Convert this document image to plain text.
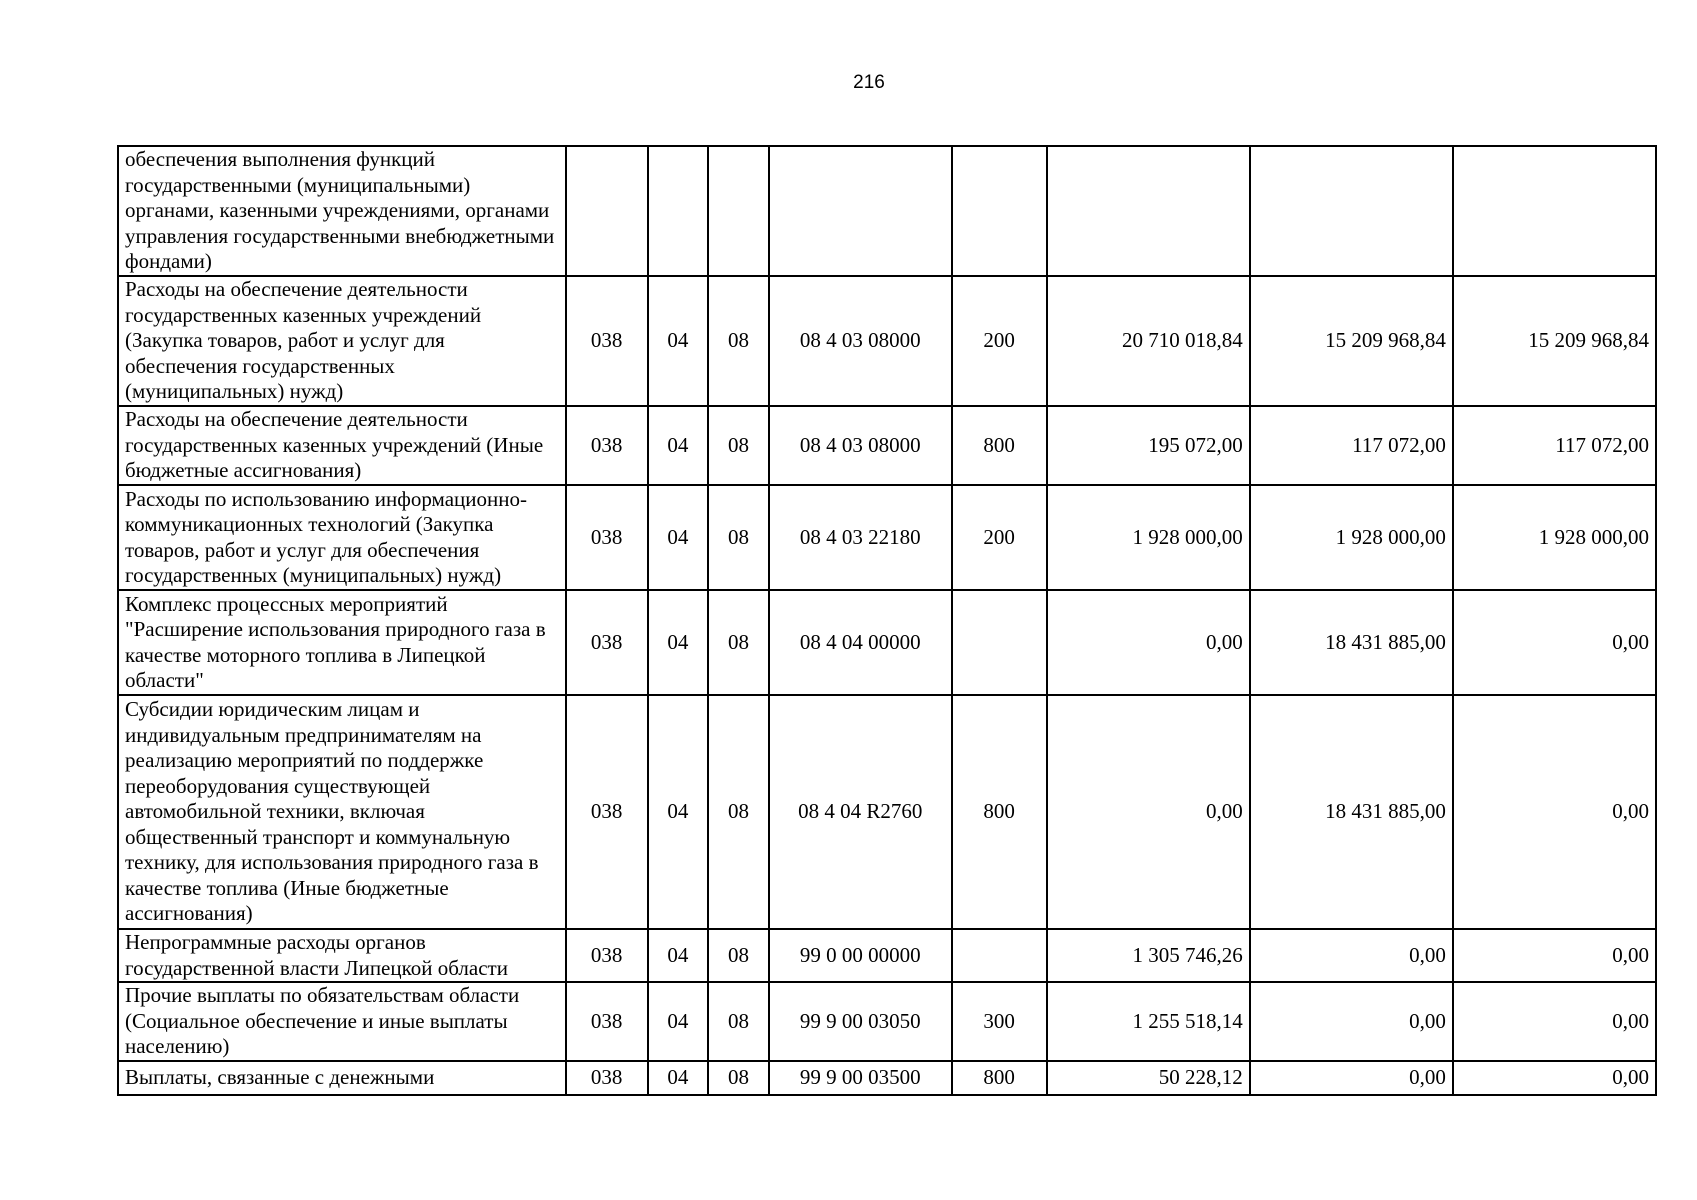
216
обеспечения выполнения функций государственными (муниципальными) органами, казенными учреждениями, органами управления государственными внебюджетными фондами)								
Расходы на обеспечение деятельности государственных казенных учреждений (Закупка товаров, работ и услуг для обеспечения государственных (муниципальных) нужд)	038	04	08	08 4 03 08000	200	20 710 018,84	15 209 968,84	15 209 968,84
Расходы на обеспечение деятельности государственных казенных учреждений (Иные бюджетные ассигнования)	038	04	08	08 4 03 08000	800	195 072,00	117 072,00	117 072,00
Расходы по использованию информационно-коммуникационных технологий (Закупка товаров, работ и услуг для обеспечения государственных (муниципальных) нужд)	038	04	08	08 4 03 22180	200	1 928 000,00	1 928 000,00	1 928 000,00
Комплекс процессных мероприятий "Расширение использования природного газа в качестве моторного топлива в Липецкой области"	038	04	08	08 4 04 00000		0,00	18 431 885,00	0,00
Субсидии юридическим лицам и индивидуальным предпринимателям на реализацию мероприятий по поддержке переоборудования существующей автомобильной техники, включая общественный транспорт и коммунальную технику, для использования природного газа в качестве топлива (Иные бюджетные ассигнования)	038	04	08	08 4 04 R2760	800	0,00	18 431 885,00	0,00
Непрограммные расходы органов государственной власти Липецкой области	038	04	08	99 0 00 00000		1 305 746,26	0,00	0,00
Прочие выплаты по обязательствам области (Социальное обеспечение и иные выплаты населению)	038	04	08	99 9 00 03050	300	1 255 518,14	0,00	0,00
Выплаты, связанные с денежными	038	04	08	99 9 00 03500	800	50 228,12	0,00	0,00
